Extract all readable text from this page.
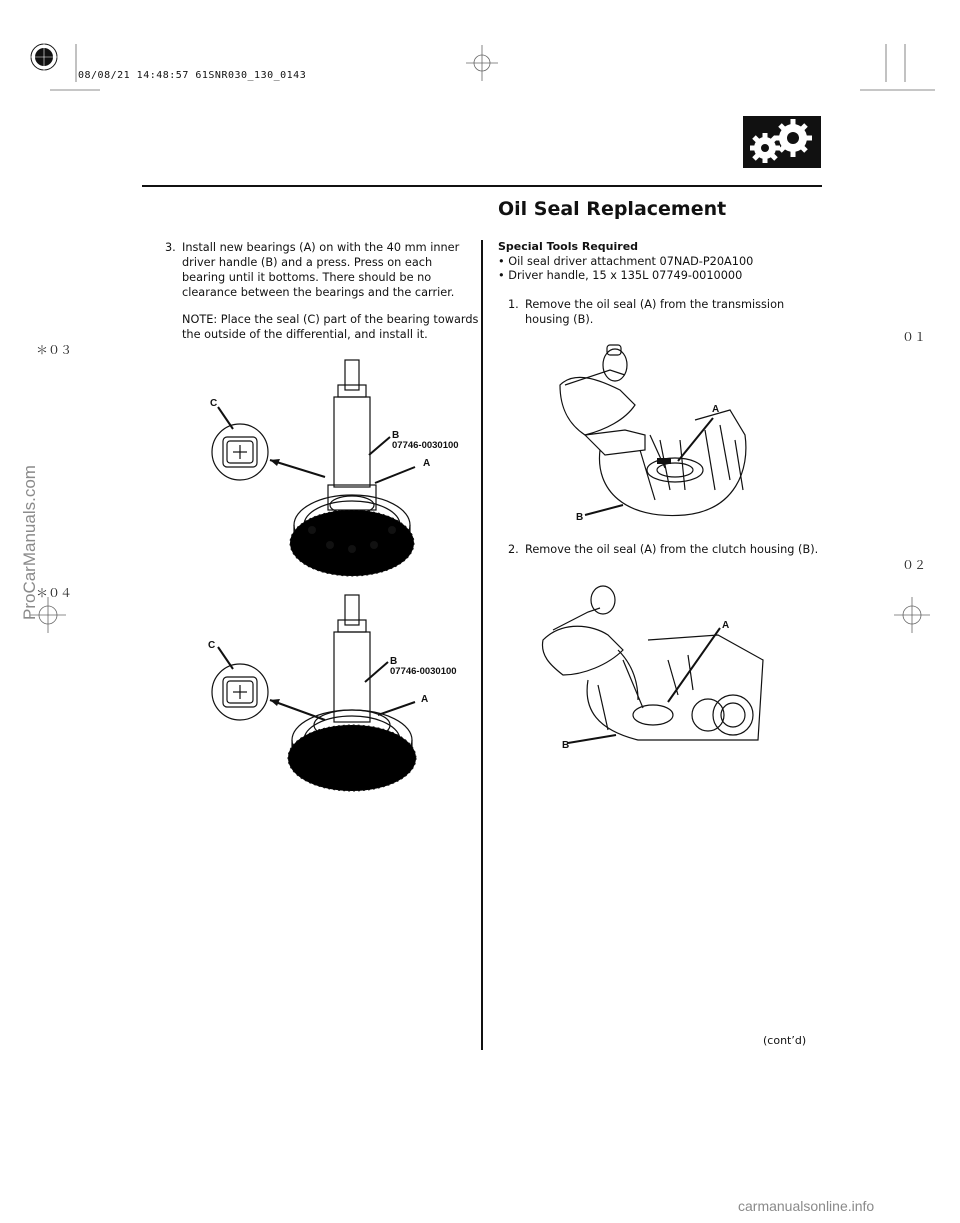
08/08/21 14:48:57 61SNR030_130_0143
Oil Seal Replacement
3. Install new bearings (A) on with the 40 mm inner driver handle (B) and a press. Press on each bearing until it bottoms. There should be no clearance between the bearings and the carrier.
NOTE: Place the seal (C) part of the bearing towards the outside of the differential, and install it.
C
B
07746-0030100
A
C
B
07746-0030100
A
Special Tools Required
• Oil seal driver attachment 07NAD-P20A100
• Driver handle, 15 x 135L 07749-0010000
1. Remove the oil seal (A) from the transmission housing (B).
A
B
2. Remove the oil seal (A) from the clutch housing (B).
A
B
(cont’d)
＊０３
＊０４
０１
０２
ProCarManuals.com
carmanualsonline.info
